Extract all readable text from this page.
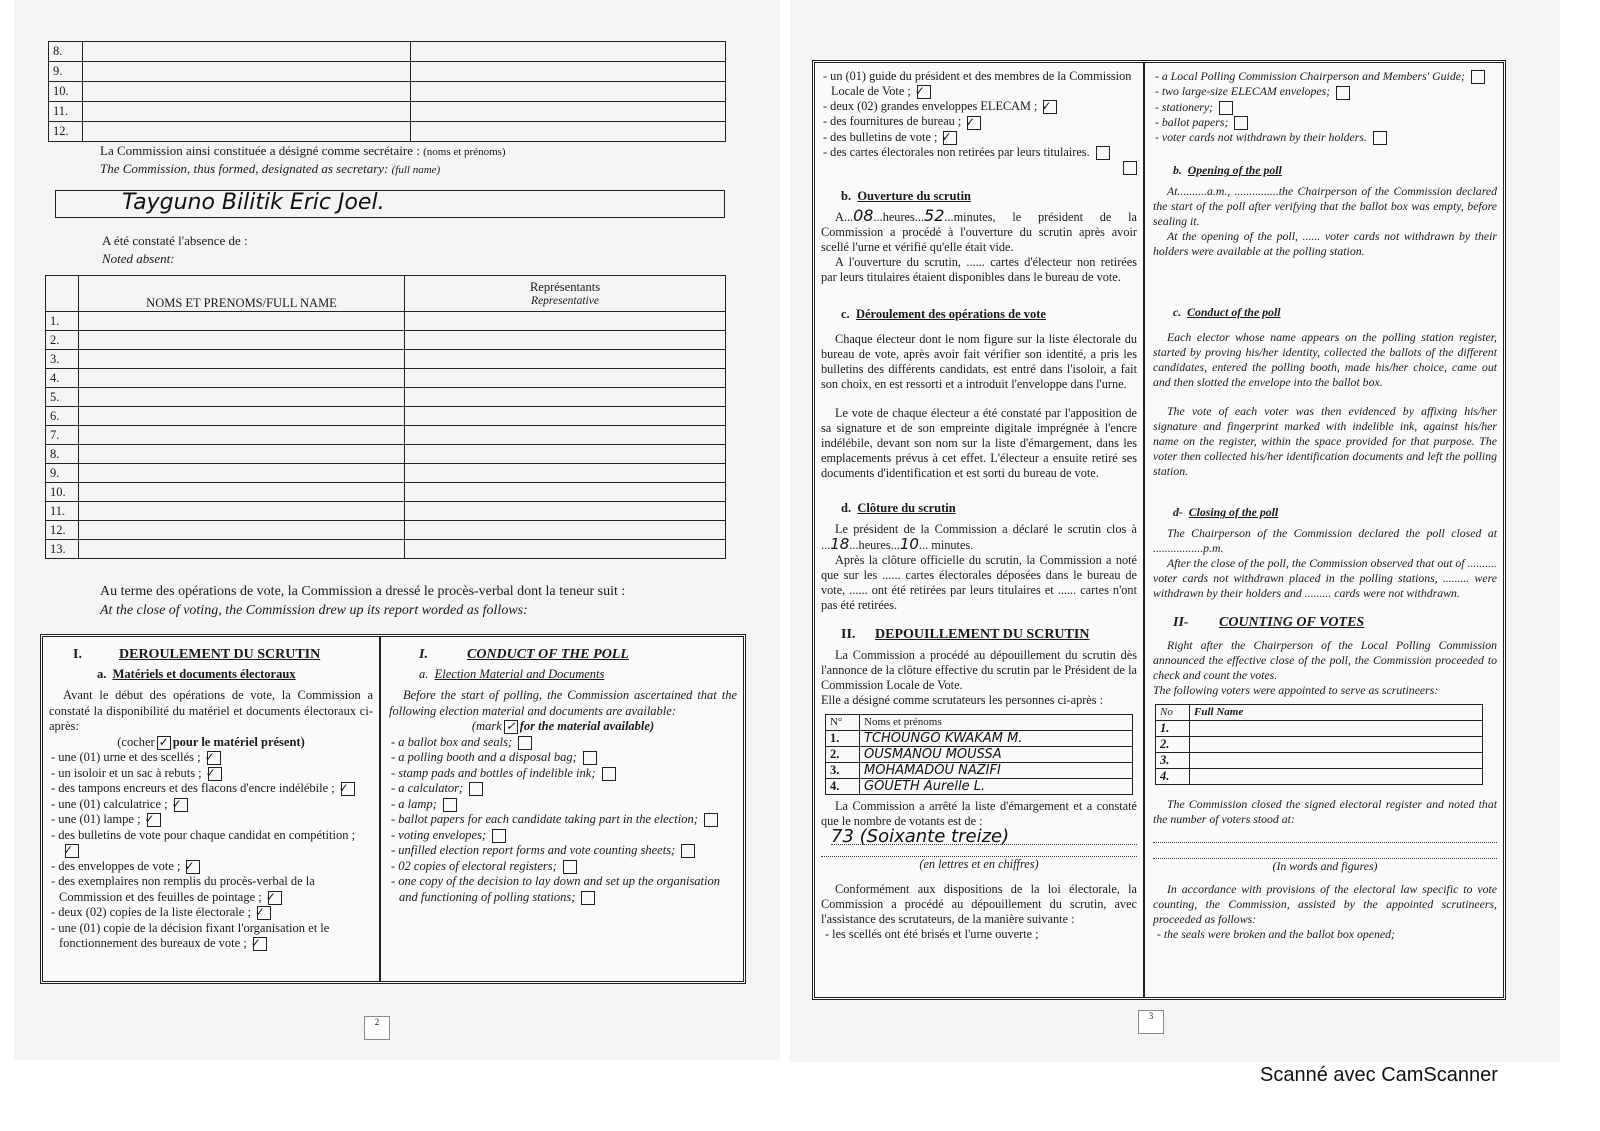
8.		
9.		
10.		
11.		
12.		
La Commission ainsi constituée a désigné comme secrétaire : (noms et prénoms)
The Commission, thus formed, designated as secretary: (full name)
Tayguno Bilitik Eric Joel.
A été constaté l'absence de :
Noted absent:
	NOMS ET PRENOMS/FULL NAME	Représentants
Representative

1.		
2.		
3.		
4.		
5.		
6.		
7.		
8.		
9.		
10.		
11.		
12.		
13.		
Au terme des opérations de vote, la Commission a dressé le procès-verbal dont la teneur suit :
At the close of voting, the Commission drew up its report worded as follows:
I.	DEROULEMENT DU SCRUTIN
a. Matériels et documents électoraux
Avant le début des opérations de vote, la Commission a constaté la disponibilité du matériel et documents électoraux ci-après:
(cocher ✓ pour le matériel présent)
- une (01) urne et des scellés ; ✓
- un isoloir et un sac à rebuts ; ✓
- des tampons encreurs et des flacons d'encre indélébile ; ✓
- une (01) calculatrice ; ✓
- une (01) lampe ; ✓
- des bulletins de vote pour chaque candidat en compétition ;✓
- des enveloppes de vote ; ✓
- des exemplaires non remplis du procès-verbal de la Commission et des feuilles de pointage ; ✓
- deux (02) copies de la liste électorale ; ✓
- une (01) copie de la décision fixant l'organisation et le fonctionnement des bureaux de vote ; ✓
I.	CONDUCT OF THE POLL
a. Election Material and Documents
Before the start of polling, the Commission ascertained that the following election material and documents are available:
(mark ✓ for the material available)
- a ballot box and seals;
- a polling booth and a disposal bag;
- stamp pads and bottles of indelible ink;
- a calculator;
- a lamp;
- ballot papers for each candidate taking part in the election;
- voting envelopes;
- unfilled election report forms and vote counting sheets;
- 02 copies of electoral registers;
- one copy of the decision to lay down and set up the organisation and functioning of polling stations;
2
- un (01) guide du président et des membres de la Commission Locale de Vote ; ✓
- deux (02) grandes enveloppes ELECAM ; ✓
- des fournitures de bureau ; ✓
- des bulletins de vote ; ✓
- des cartes électorales non retirées par leurs titulaires.
b. Ouverture du scrutin
A...08...heures...52...minutes, le président de la Commission a procédé à l'ouverture du scrutin après avoir scellé l'urne et vérifié qu'elle était vide.
A l'ouverture du scrutin, ...... cartes d'électeur non retirées par leurs titulaires étaient disponibles dans le bureau de vote.
c. Déroulement des opérations de vote
Chaque électeur dont le nom figure sur la liste électorale du bureau de vote, après avoir fait vérifier son identité, a pris les bulletins des différents candidats, est entré dans l'isoloir, a fait son choix, en est ressorti et a introduit l'enveloppe dans l'urne.
Le vote de chaque électeur a été constaté par l'apposition de sa signature et de son empreinte digitale imprégnée à l'encre indélébile, devant son nom sur la liste d'émargement, dans les emplacements prévus à cet effet. L'électeur a ensuite retiré ses documents d'identification et est sorti du bureau de vote.
d. Clôture du scrutin
Le président de la Commission a déclaré le scrutin clos à ...18...heures...10... minutes.
Après la clôture officielle du scrutin, la Commission a noté que sur les ...... cartes électorales déposées dans le bureau de vote, ...... ont été retirées par leurs titulaires et ...... cartes n'ont pas été retirées.
II. DEPOUILLEMENT DU SCRUTIN
La Commission a procédé au dépouillement du scrutin dès l'annonce de la clôture effective du scrutin par le Président de la Commission Locale de Vote.
Elle a désigné comme scrutateurs les personnes ci-après :
N°	Noms et prénoms
1.	TCHOUNGO KWAKAM M.
2.	OUSMANOU MOUSSA
3.	MOHAMADOU NAZIFI
4.	GOUETH Aurelle L.
La Commission a arrêté la liste d'émargement et a constaté que le nombre de votants est de :
73 (Soixante treize)
(en lettres et en chiffres)
Conformément aux dispositions de la loi électorale, la Commission a procédé au dépouillement du scrutin, avec l'assistance des scrutateurs, de la manière suivante :
- les scellés ont été brisés et l'urne ouverte ;
- a Local Polling Commission Chairperson and Members' Guide;
- two large-size ELECAM envelopes;
- stationery;
- ballot papers;
- voter cards not withdrawn by their holders.
b. Opening of the poll
At..........a.m., ...............the Chairperson of the Commission declared the start of the poll after verifying that the ballot box was empty, before sealing it.
At the opening of the poll, ...... voter cards not withdrawn by their holders were available at the polling station.
c. Conduct of the poll
Each elector whose name appears on the polling station register, started by proving his/her identity, collected the ballots of the different candidates, entered the polling booth, made his/her choice, came out and then slotted the envelope into the ballot box.
The vote of each voter was then evidenced by affixing his/her signature and fingerprint marked with indelible ink, against his/her name on the register, within the space provided for that purpose. The voter then collected his/her identification documents and left the polling station.
d- Closing of the poll
The Chairperson of the Commission declared the poll closed at .................p.m.
After the close of the poll, the Commission observed that out of .......... voter cards not withdrawn placed in the polling stations, ......... were withdrawn by their holders and ......... cards were not withdrawn.
II- COUNTING OF VOTES
Right after the Chairperson of the Local Polling Commission announced the effective close of the poll, the Commission proceeded to check and count the votes.
The following voters were appointed to serve as scrutineers:
No	Full Name
1.	
2.	
3.	
4.	
The Commission closed the signed electoral register and noted that the number of voters stood at:
(In words and figures)
In accordance with provisions of the electoral law specific to vote counting, the Commission, assisted by the appointed scrutineers, proceeded as follows:
- the seals were broken and the ballot box opened;
3
Scanné avec CamScanner
